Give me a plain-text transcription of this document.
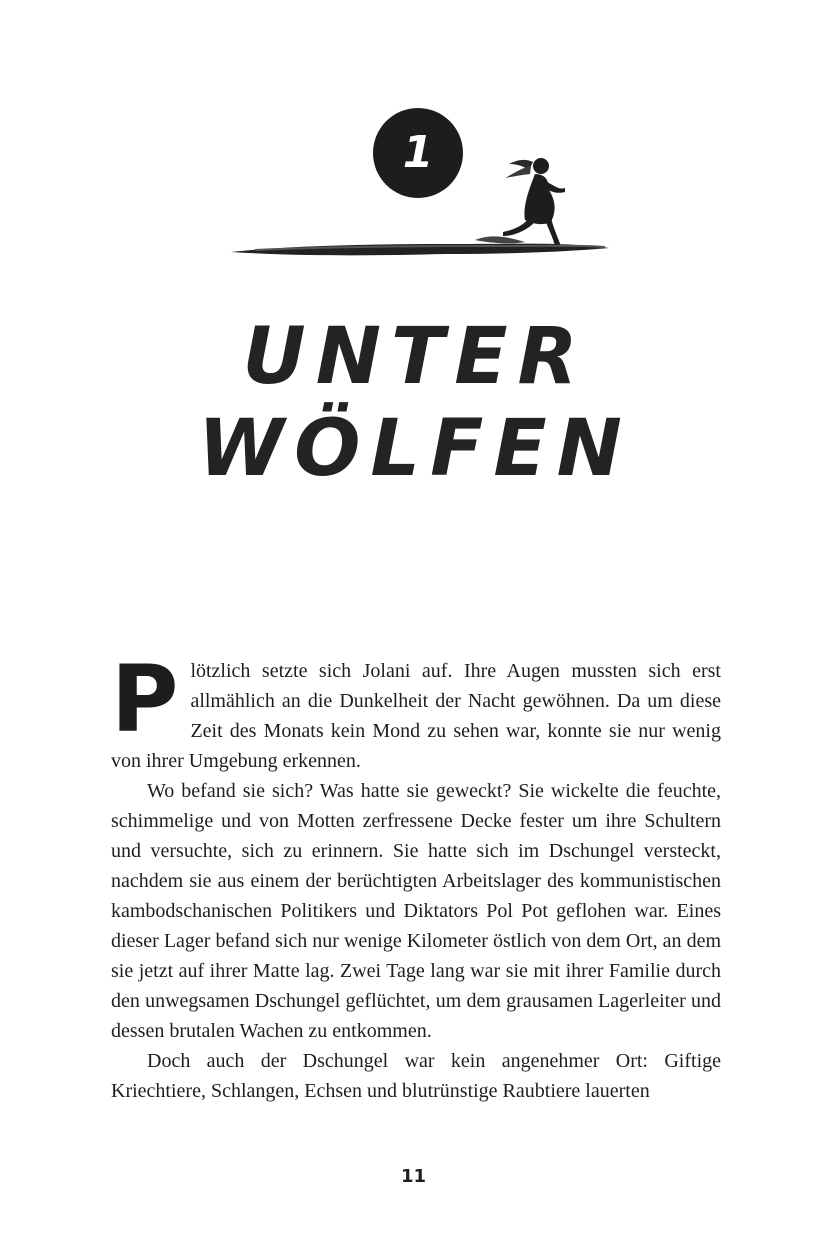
1
UNTER
WÖLFEN

Plötzlich setzte sich Jolani auf. Ihre Augen mussten sich erst allmählich an die Dunkelheit der Nacht gewöhnen. Da um diese Zeit des Monats kein Mond zu sehen war, konnte sie nur wenig von ihrer Umgebung erkennen.

Wo befand sie sich? Was hatte sie geweckt? Sie wickelte die feuchte, schimmelige und von Motten zerfressene Decke fester um ihre Schultern und versuchte, sich zu erinnern. Sie hatte sich im Dschungel versteckt, nachdem sie aus einem der berüchtigten Arbeitslager des kommunistischen kambodschanischen Politikers und Diktators Pol Pot geflohen war. Eines dieser Lager befand sich nur wenige Kilometer östlich von dem Ort, an dem sie jetzt auf ihrer Matte lag. Zwei Tage lang war sie mit ihrer Familie durch den unwegsamen Dschungel geflüchtet, um dem grausamen Lagerleiter und dessen brutalen Wachen zu entkommen.

Doch auch der Dschungel war kein angenehmer Ort: Giftige Kriechtiere, Schlangen, Echsen und blutrünstige Raubtiere lauerten

11
